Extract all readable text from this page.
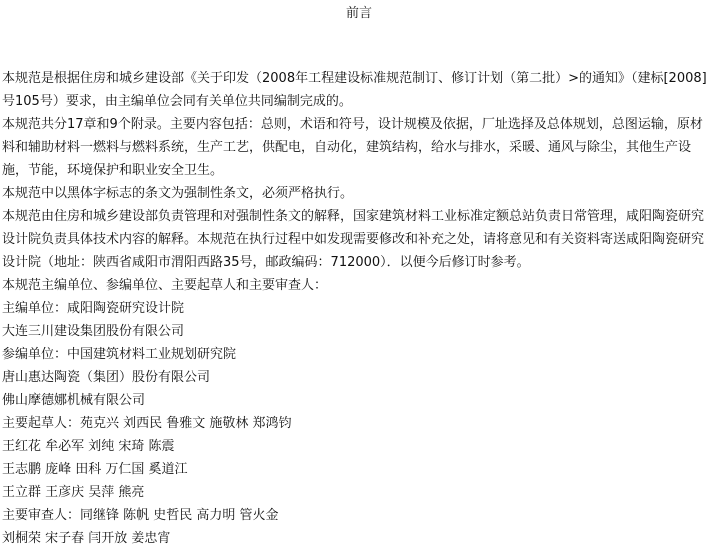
前言

本规范是根据住房和城乡建设部《关于印发（2008年工程建设标准规范制订、修订计划（第二批）>的通知》（建标[2008]号105号）要求，由主编单位会同有关单位共同编制完成的。

本规范共分17章和9个附录。主要内容包括：总则，术语和符号，设计规模及依据，厂址选择及总体规划，总图运输，原材料和辅助材料一燃料与燃料系统，生产工艺，供配电，自动化，建筑结构，给水与排水，采暖、通风与除尘，其他生产设施，节能，环境保护和职业安全卫生。

本规范中以黑体字标志的条文为强制性条文，必须严格执行。

本规范由住房和城乡建设部负责管理和对强制性条文的解释，国家建筑材料工业标准定额总站负责日常管理，咸阳陶瓷研究设计院负责具体技术内容的解释。本规范在执行过程中如发现需要修改和补充之处，请将意见和有关资料寄送咸阳陶瓷研究设计院（地址：陕西省咸阳市渭阳西路35号，邮政编码：712000）．以便今后修订时参考。

本规范主编单位、参编单位、主要起草人和主要审查人：

主编单位：咸阳陶瓷研究设计院

大连三川建设集团股份有限公司

参编单位：中国建筑材料工业规划研究院

唐山惠达陶瓷（集团）股份有限公司

佛山摩德娜机械有限公司

主要起草人：苑克兴 刘西民 鲁雅文 施敬林 郑鸿钧

王红花 牟必军 刘纯 宋琦 陈震

王志鹏 庞峰 田科 万仁国 奚道江

王立群 王彦庆 吴萍 熊亮

主要审查人：同继锋 陈帆 史哲民 高力明 管火金

刘桐荣 宋子春 闫开放 姜忠宵
